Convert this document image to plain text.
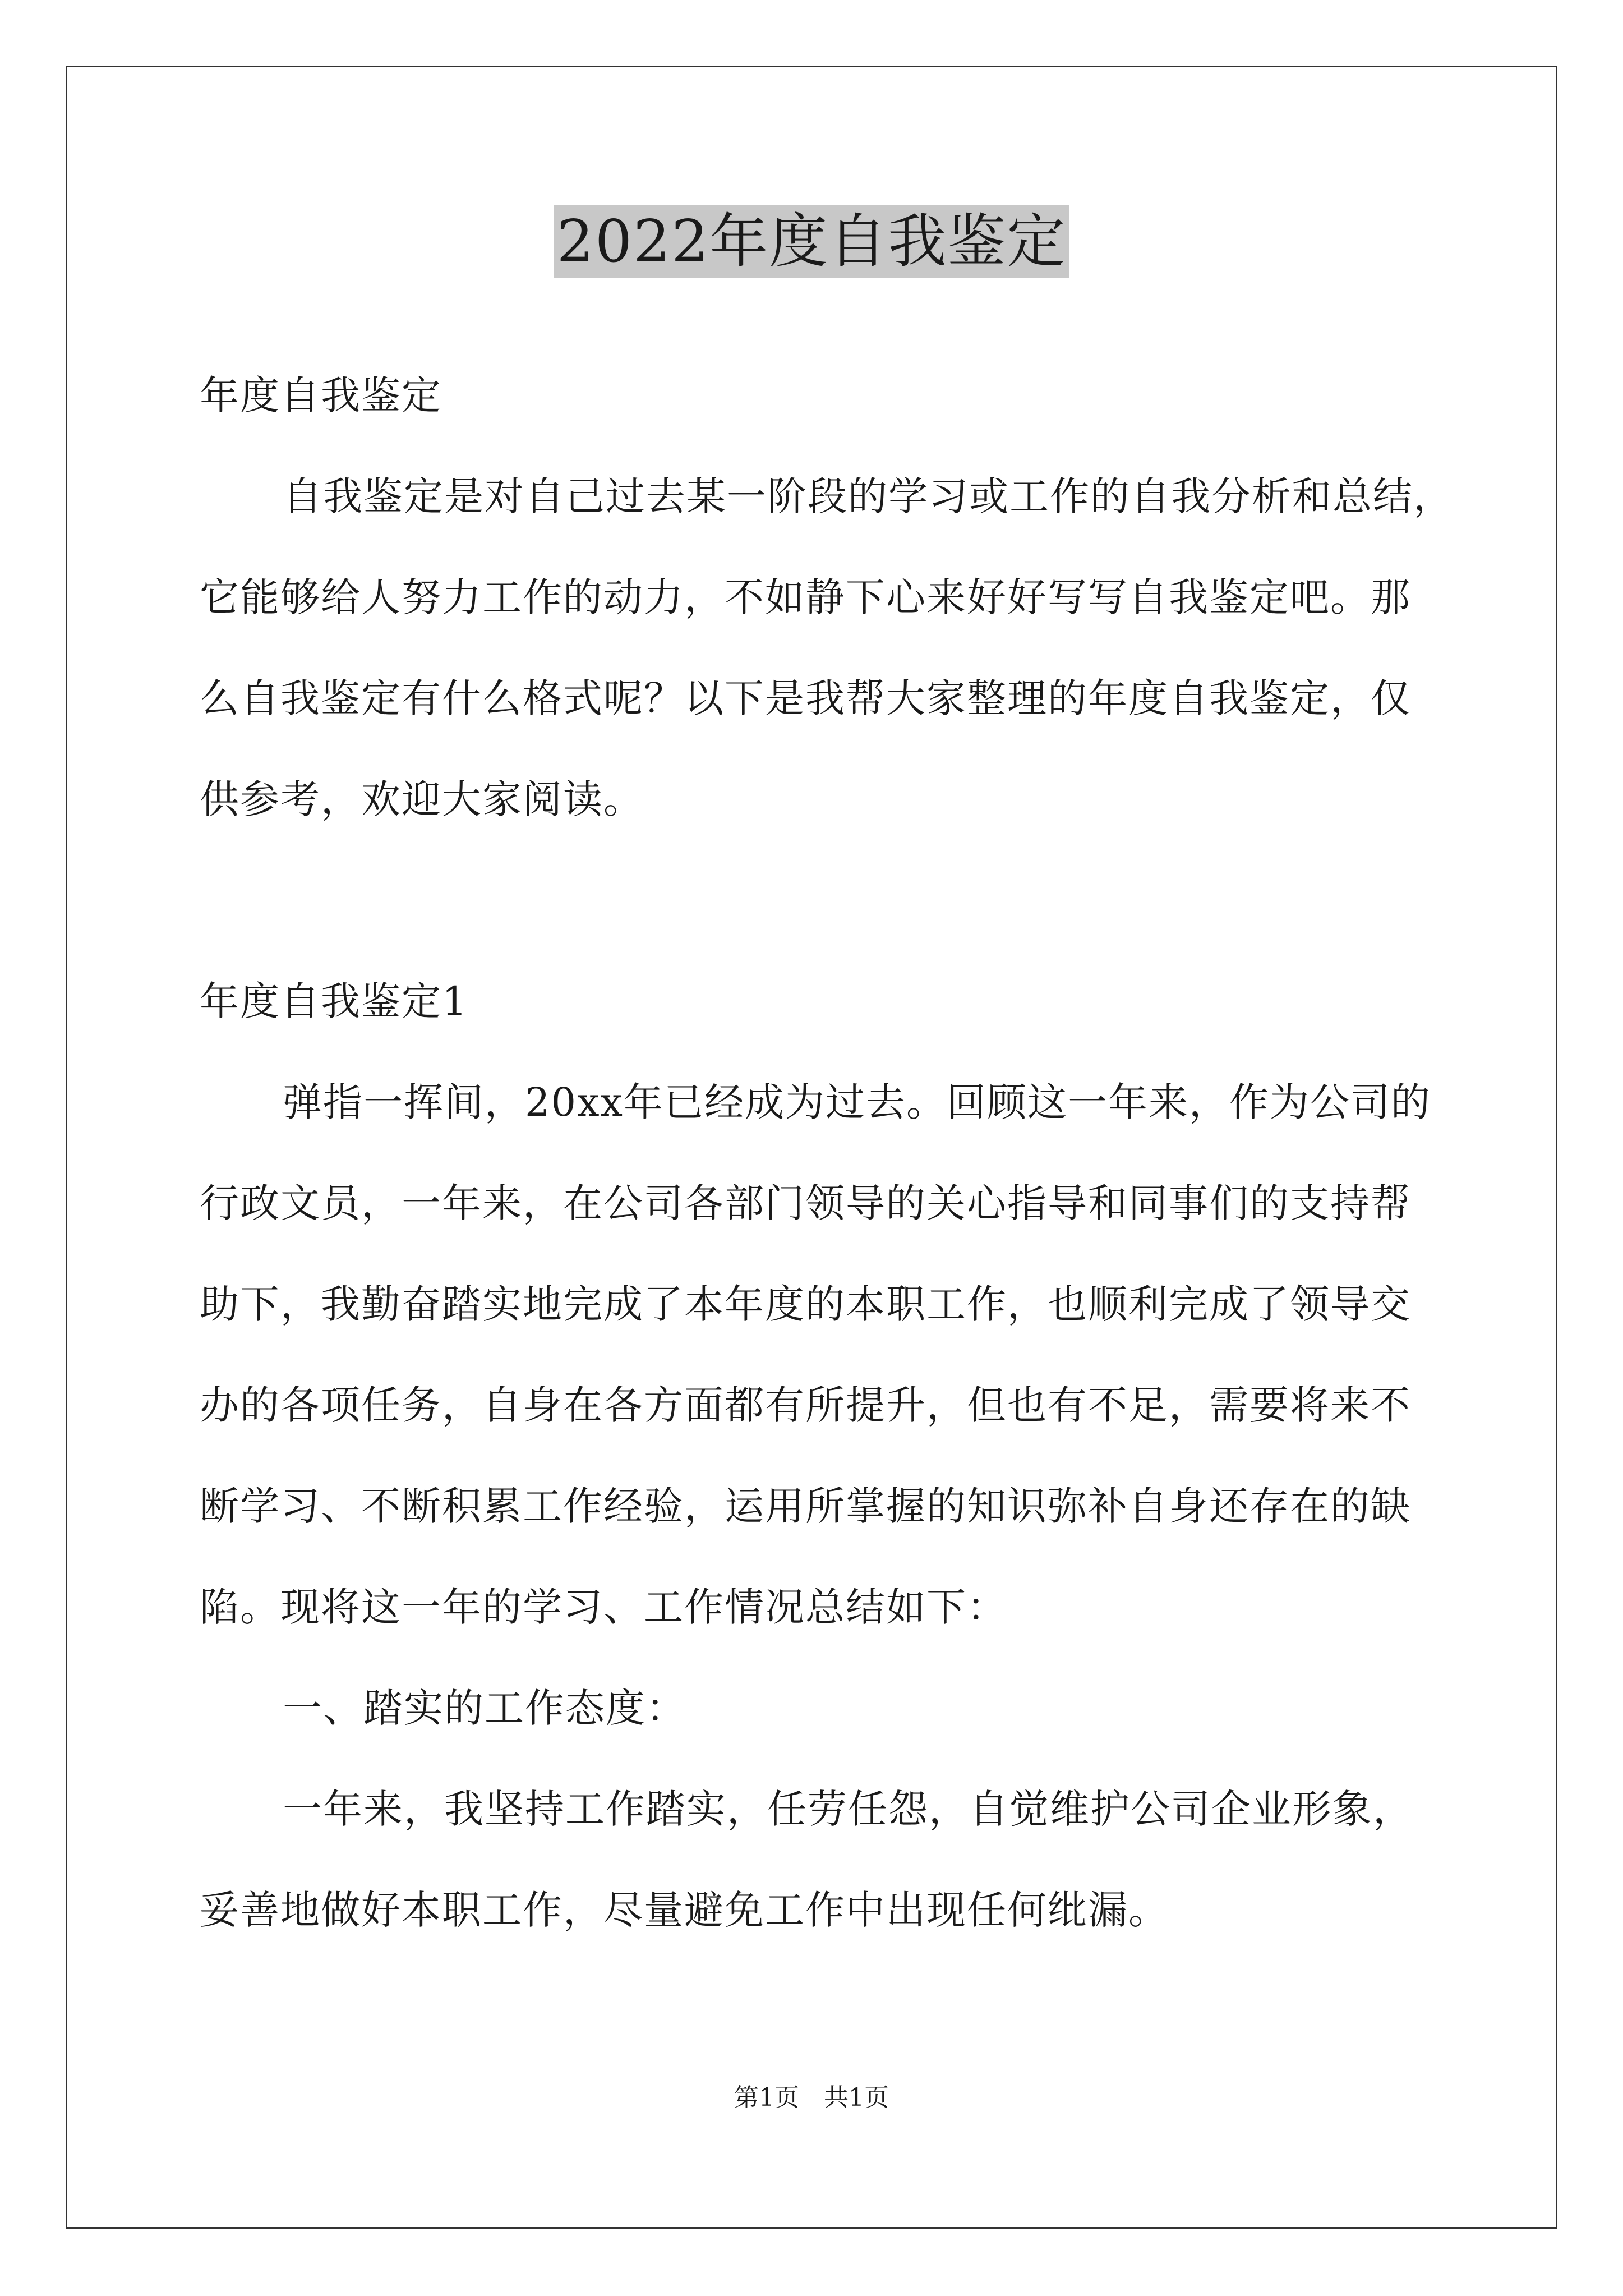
2022年度自我鉴定
年度自我鉴定
自我鉴定是对自己过去某一阶段的学习或工作的自我分析和总结，
它能够给人努力工作的动力，不如静下心来好好写写自我鉴定吧。那
么自我鉴定有什么格式呢？以下是我帮大家整理的年度自我鉴定，仅
供参考，欢迎大家阅读。
年度自我鉴定1
弹指一挥间，20xx年已经成为过去。回顾这一年来，作为公司的
行政文员，一年来，在公司各部门领导的关心指导和同事们的支持帮
助下，我勤奋踏实地完成了本年度的本职工作，也顺利完成了领导交
办的各项任务，自身在各方面都有所提升，但也有不足，需要将来不
断学习、不断积累工作经验，运用所掌握的知识弥补自身还存在的缺
陷。现将这一年的学习、工作情况总结如下：
一、踏实的工作态度：
一年来，我坚持工作踏实，任劳任怨，自觉维护公司企业形象，
妥善地做好本职工作，尽量避免工作中出现任何纰漏。
第1页　共1页
